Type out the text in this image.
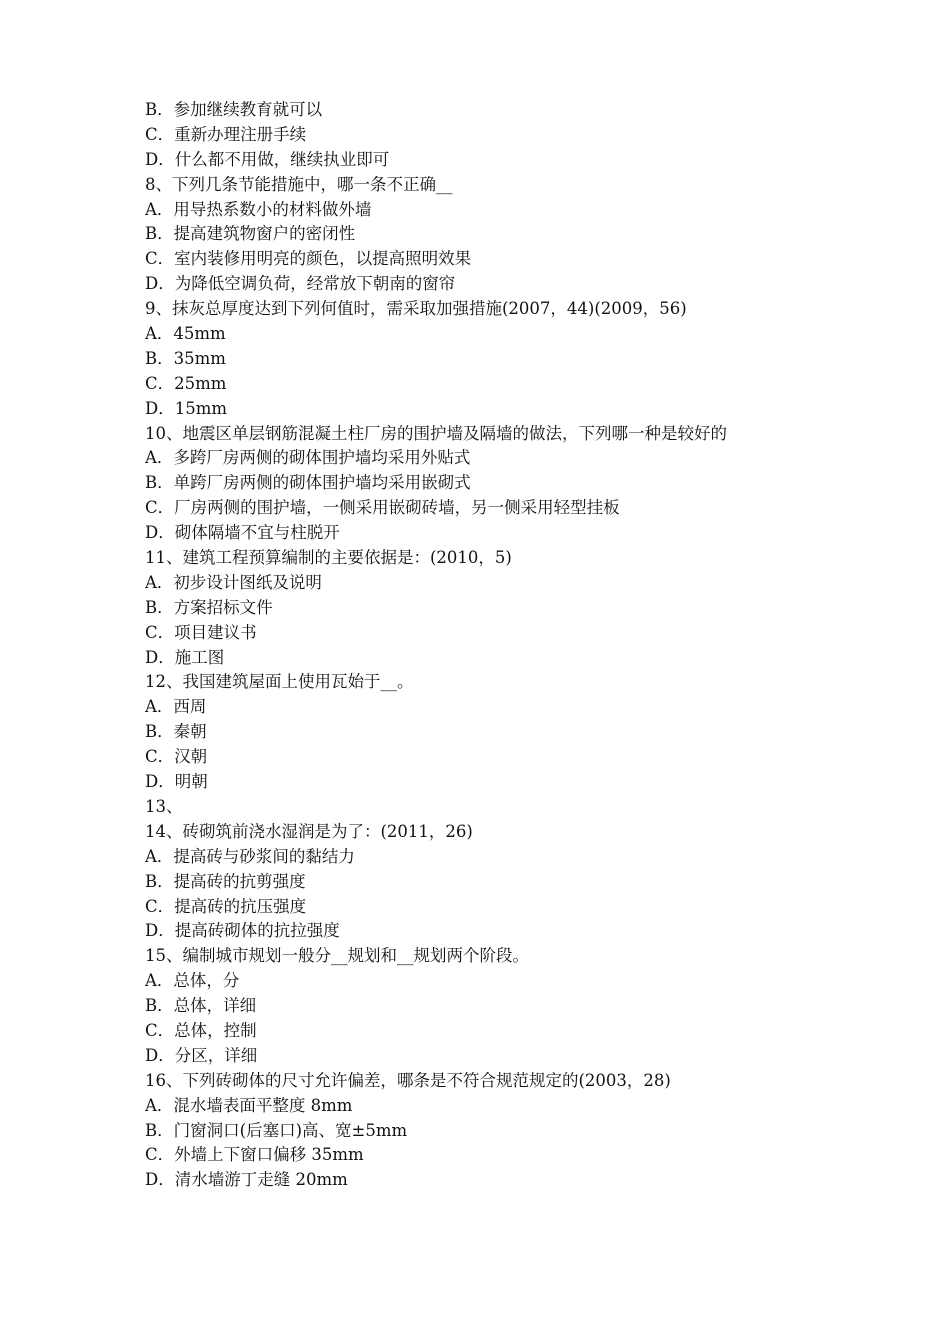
B．参加继续教育就可以
C．重新办理注册手续
D．什么都不用做，继续执业即可
8、下列几条节能措施中，哪一条不正确__
A．用导热系数小的材料做外墙
B．提高建筑物窗户的密闭性
C．室内装修用明亮的颜色，以提高照明效果
D．为降低空调负荷，经常放下朝南的窗帘
9、抹灰总厚度达到下列何值时，需采取加强措施(2007，44)(2009，56)
A．45mm
B．35mm
C．25mm
D．15mm
10、地震区单层钢筋混凝土柱厂房的围护墙及隔墙的做法，下列哪一种是较好的
A．多跨厂房两侧的砌体围护墙均采用外贴式
B．单跨厂房两侧的砌体围护墙均采用嵌砌式
C．厂房两侧的围护墙，一侧采用嵌砌砖墙，另一侧采用轻型挂板
D．砌体隔墙不宜与柱脱开
11、建筑工程预算编制的主要依据是：(2010，5)
A．初步设计图纸及说明
B．方案招标文件
C．项目建议书
D．施工图
12、我国建筑屋面上使用瓦始于__。
A．西周
B．秦朝
C．汉朝
D．明朝
13、
14、砖砌筑前浇水湿润是为了：(2011，26)
A．提高砖与砂浆间的黏结力
B．提高砖的抗剪强度
C．提高砖的抗压强度
D．提高砖砌体的抗拉强度
15、编制城市规划一般分__规划和__规划两个阶段。
A．总体，分
B．总体，详细
C．总体，控制
D．分区，详细
16、下列砖砌体的尺寸允许偏差，哪条是不符合规范规定的(2003，28)
A．混水墙表面平整度 8mm
B．门窗洞口(后塞口)高、宽±5mm
C．外墙上下窗口偏移 35mm
D．清水墙游丁走缝 20mm
